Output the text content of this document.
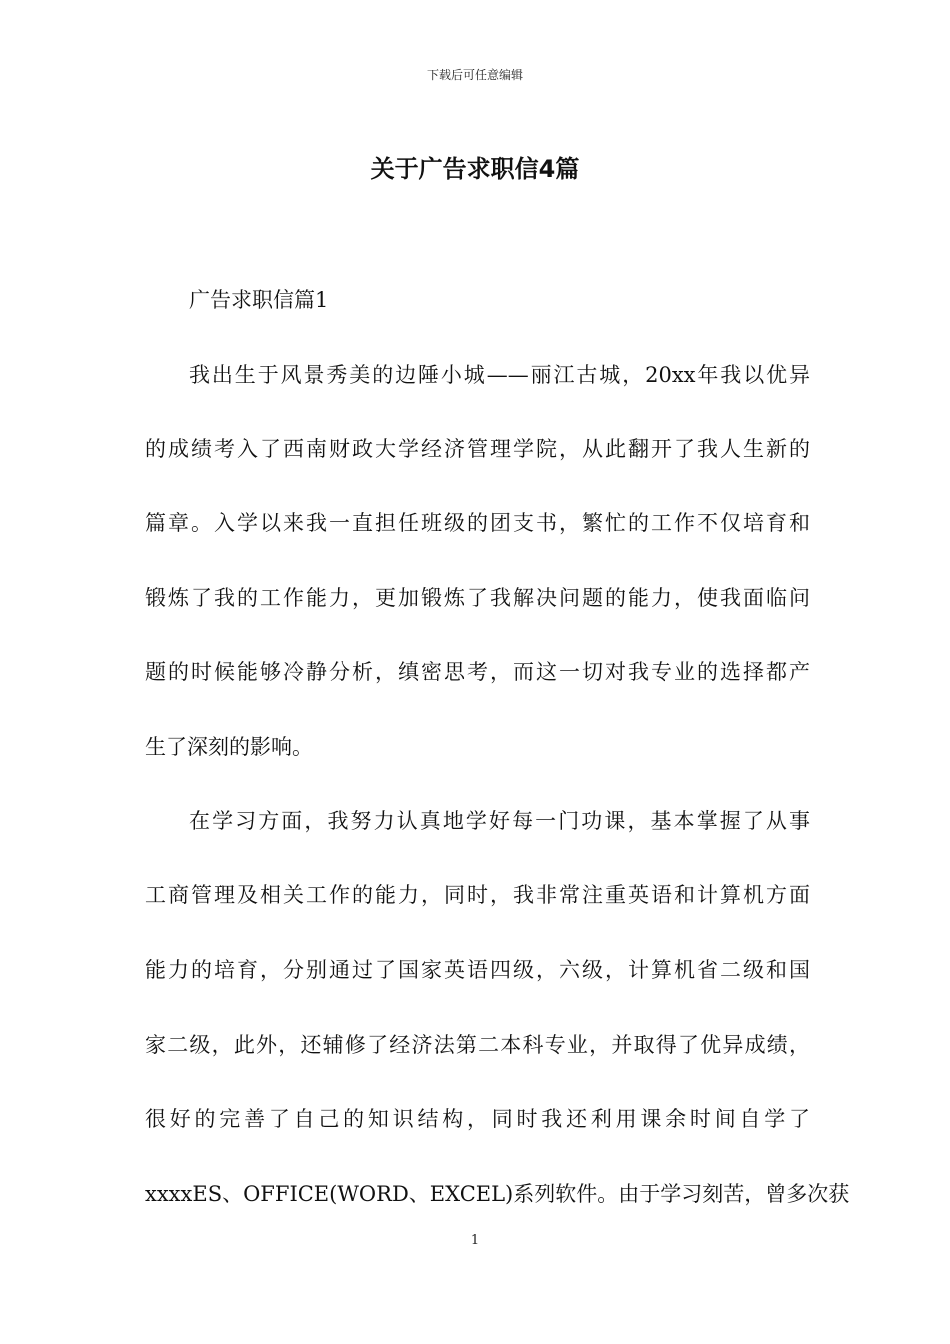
下载后可任意编辑
关于广告求职信4篇
广告求职信篇1
我出生于风景秀美的边陲小城——丽江古城，20xx年我以优异
的成绩考入了西南财政大学经济管理学院，从此翻开了我人生新的
篇章。入学以来我一直担任班级的团支书，繁忙的工作不仅培育和
锻炼了我的工作能力，更加锻炼了我解决问题的能力，使我面临问
题的时候能够冷静分析，缜密思考，而这一切对我专业的选择都产
生了深刻的影响。
在学习方面，我努力认真地学好每一门功课，基本掌握了从事
工商管理及相关工作的能力，同时，我非常注重英语和计算机方面
能力的培育，分别通过了国家英语四级，六级，计算机省二级和国
家二级，此外，还辅修了经济法第二本科专业，并取得了优异成绩，
很好的完善了自己的知识结构，同时我还利用课余时间自学了
xxxxES、OFFICE(WORD、EXCEL)系列软件。由于学习刻苦，曾多次获
1
